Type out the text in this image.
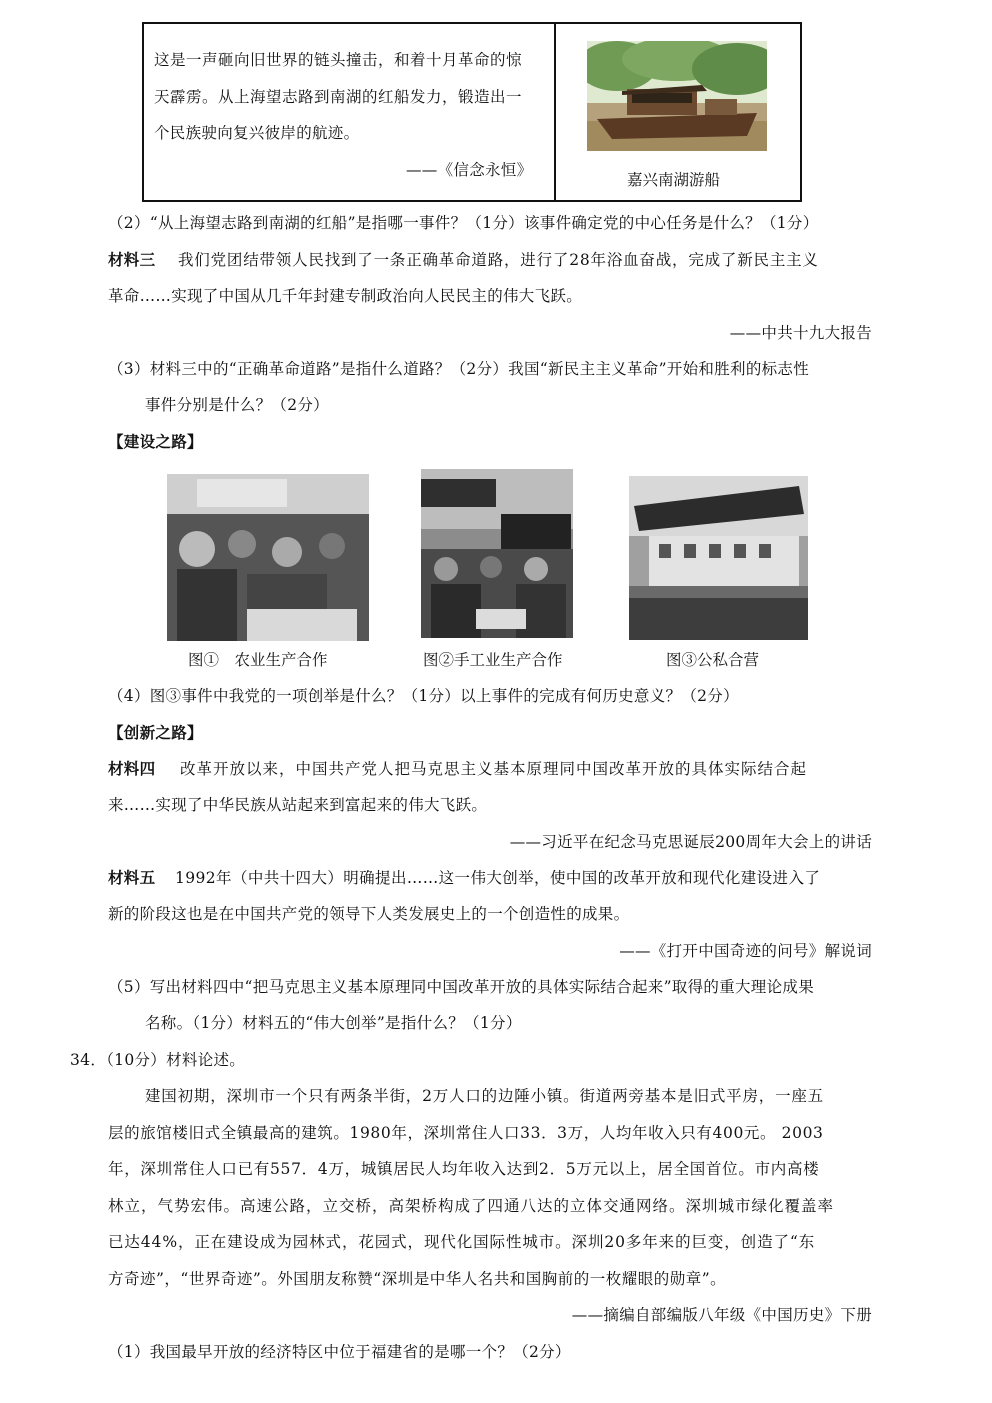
这是一声砸向旧世界的链头撞击，和着十月革命的惊
天霹雳。从上海望志路到南湖的红船发力，锻造出一
个民族驶向复兴彼岸的航迹。
——《信念永恒》
嘉兴南湖游船
（2）“从上海望志路到南湖的红船”是指哪一事件？（1分）该事件确定党的中心任务是什么？（1分）
材料三 我们党团结带领人民找到了一条正确革命道路，进行了28年浴血奋战，完成了新民主主义
革命……实现了中国从几千年封建专制政治向人民民主的伟大飞跃。
——中共十九大报告
（3）材料三中的“正确革命道路”是指什么道路？（2分）我国“新民主主义革命”开始和胜利的标志性
事件分别是什么？（2分）
【建设之路】
图①　农业生产合作	图②手工业生产合作	图③公私合营
（4）图③事件中我党的一项创举是什么？（1分）以上事件的完成有何历史意义？（2分）
【创新之路】
材料四 改革开放以来，中国共产党人把马克思主义基本原理同中国改革开放的具体实际结合起
来……实现了中华民族从站起来到富起来的伟大飞跃。
——习近平在纪念马克思诞辰200周年大会上的讲话
材料五 1992年（中共十四大）明确提出……这一伟大创举，使中国的改革开放和现代化建设进入了
新的阶段这也是在中国共产党的领导下人类发展史上的一个创造性的成果。
——《打开中国奇迹的问号》解说词
（5）写出材料四中“把马克思主义基本原理同中国改革开放的具体实际结合起来”取得的重大理论成果
名称。（1分）材料五的“伟大创举”是指什么？（1分）
34．（10分）材料论述。
建国初期，深圳市一个只有两条半街，2万人口的边陲小镇。街道两旁基本是旧式平房，一座五
层的旅馆楼旧式全镇最高的建筑。1980年，深圳常住人口33．3万，人均年收入只有400元。 2003
年，深圳常住人口已有557．4万，城镇居民人均年收入达到2．5万元以上，居全国首位。市内高楼
林立，气势宏伟。高速公路，立交桥，高架桥构成了四通八达的立体交通网络。深圳城市绿化覆盖率
已达44%，正在建设成为园林式，花园式，现代化国际性城市。深圳20多年来的巨变，创造了“东
方奇迹”，“世界奇迹”。外国朋友称赞“深圳是中华人名共和国胸前的一枚耀眼的勋章”。
——摘编自部编版八年级《中国历史》下册
（1）我国最早开放的经济特区中位于福建省的是哪一个？（2分）
